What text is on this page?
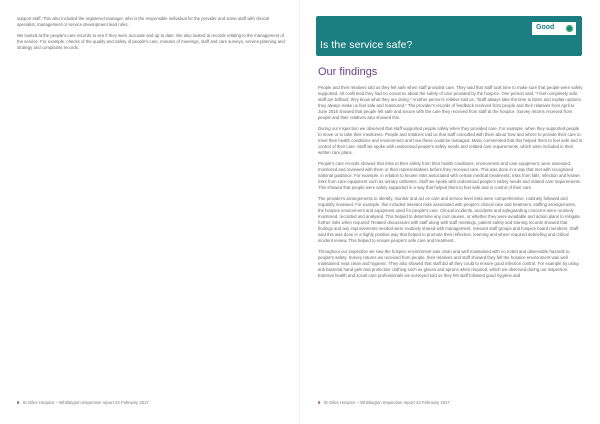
support staff. This also included the registered manager, who is the responsible individual for the provider and some staff with clinical specialist, management or service development lead roles.

We looked at the people's care records to see if they were accurate and up to date. We also looked at records relating to the management of the service. For example, checks of the quality and safety of people's care, minutes of meetings, staff and care surveys, service planning and strategy and complaints records.

6 St Giles Hospice – Whittington Inspection report 24 February 2017
Is the service safe?
Good
Our findings

People and their relatives told us they felt safe when staff provided care. They said that staff took time to make sure that people were safely supported. All confirmed they had no concerns about the safety of care provided by the hospice. One person said, "I feel completely safe; staff are brilliant; they know what they are doing." Another person's relative told us, "Staff always take the time to listen and explain options, they always make us feel safe and reassured." The provider's records of feedback received from people and their relatives from April to June 2016 showed that people felt safe and secure with the care they received from staff at the hospice. Survey returns received from people and their relatives also showed this.

During our inspection we observed that staff supported people safely when they provided care. For example, when they supported people to move or to take their medicines. People and relatives told us that staff consulted with them about how and where to provide their care to meet their health conditions and environment and how these could be managed. Many commented that this helped them to feel safe and in control of their care. Staff we spoke with understood people's safety needs and related care requirements, which were included in their written care plans.

People's care records showed that risks to their safety from their health conditions, environment and care equipment, were assessed, monitored and reviewed with them or their representatives before they received care. This was done in a way that met with recognised national guidance. For example, in relation to known risks associated with certain medical treatments; risks from falls, infection and known risks from care equipment such as urinary catheters. Staff we spoke with understood people's safety needs and related care requirements. This showed that people were safely supported in a way that helped them to feel safe and in control of their care.

The provider's arrangements to identify, monitor and act on care and service level risks were comprehensive, routinely followed and regularly reviewed. For example, this included relevant risks associated with people's clinical care and treatment, staffing arrangements, the hospice environment and equipment used for people's care. Clinical incidents, accidents and safeguarding concerns were routinely monitored, recorded and analysed. This helped to determine any root causes, or whether they were avoidable and action plans to mitigate further risks when required. Related discussions with staff along with staff meetings, patient safety and training records showed that findings and any improvements needed were routinely shared with management, relevant staff groups and hospice board members. Staff said this was done in a highly positive way that helped to promote their reflection, learning and where required debriefing and critical incident review. This helped to ensure people's safe care and treatment.

Throughout our inspection we saw the hospice environment was clean and well maintained with no noted and observable hazards to people's safety. Survey returns we received from people, their relatives and staff showed they felt the hospice environment was well maintained, kept clean and hygienic. They also showed that staff did all they could to ensure good infection control. For example by using anti bacterial hand gels and protective clothing such as gloves and aprons when required, which we observed during our inspection. External health and social care professionals we surveyed told us they felt staff followed good hygiene and

6 St Giles Hospice – Whittington Inspection report 24 February 2017
